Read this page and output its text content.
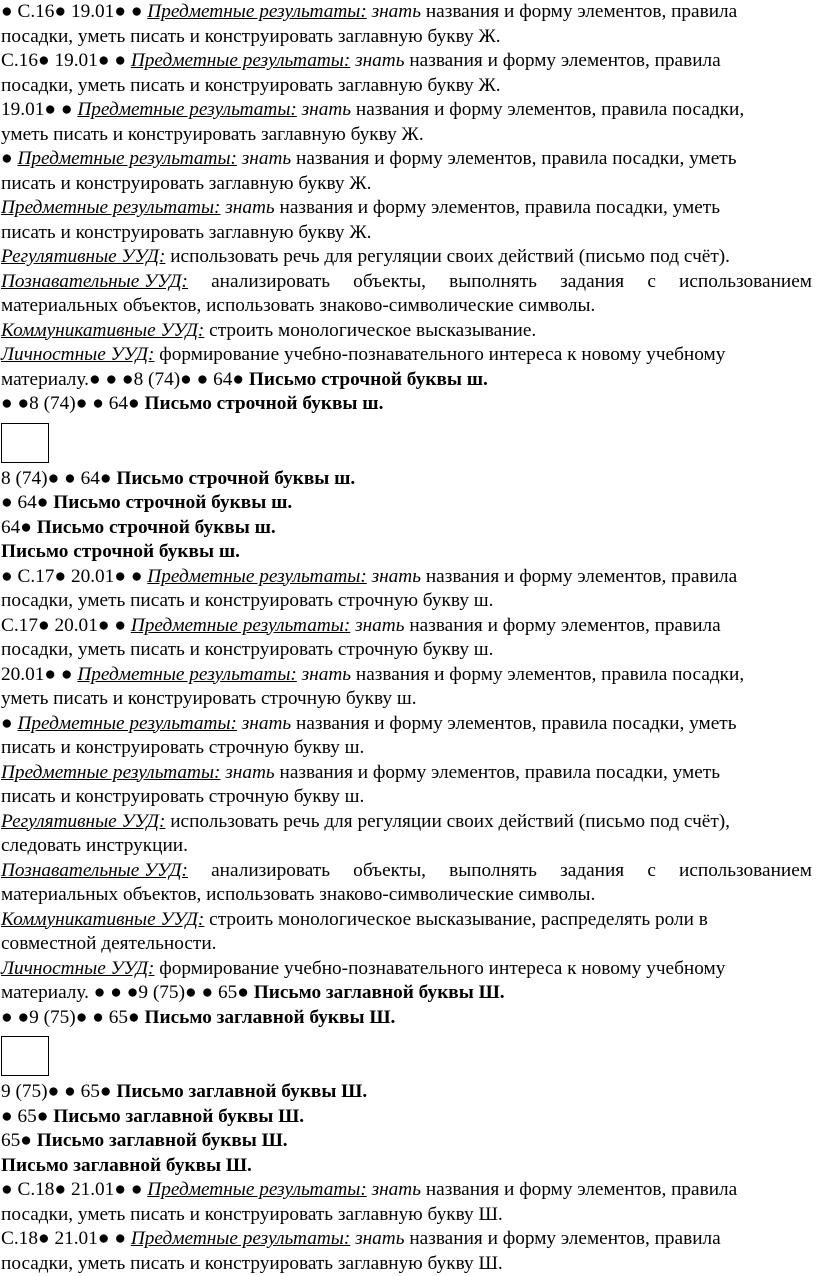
● С.16● 19.01● ● Предметные результаты: знать названия и форму элементов, правила
посадки, уметь писать и конструировать заглавную букву Ж.
С.16● 19.01● ● Предметные результаты: знать названия и форму элементов, правила
посадки, уметь писать и конструировать заглавную букву Ж.
19.01● ● Предметные результаты: знать названия и форму элементов, правила посадки,
уметь писать и конструировать заглавную букву Ж.
● Предметные результаты: знать названия и форму элементов, правила посадки, уметь
писать и конструировать заглавную букву Ж.
Предметные результаты: знать названия и форму элементов, правила посадки, уметь
писать и конструировать заглавную букву Ж.
Регулятивные УУД: использовать речь для регуляции своих действий (письмо под счёт).
Познавательные УУД: анализировать объекты, выполнять задания с использованием
материальных объектов, использовать знаково-символические символы.
Коммуникативные УУД: строить монологическое высказывание.
Личностные УУД: формирование учебно-познавательного интереса к новому учебному
материалу.● ● ●8 (74)● ● 64● Письмо строчной буквы ш.
● ●8 (74)● ● 64● Письмо строчной буквы ш.
8 (74)● ● 64● Письмо строчной буквы ш.
● 64● Письмо строчной буквы ш.
64● Письмо строчной буквы ш.
Письмо строчной буквы ш.
● С.17● 20.01● ● Предметные результаты: знать названия и форму элементов, правила
посадки, уметь писать и конструировать строчную букву ш.
С.17● 20.01● ● Предметные результаты: знать названия и форму элементов, правила
посадки, уметь писать и конструировать строчную букву ш.
20.01● ● Предметные результаты: знать названия и форму элементов, правила посадки,
уметь писать и конструировать строчную букву ш.
● Предметные результаты: знать названия и форму элементов, правила посадки, уметь
писать и конструировать строчную букву ш.
Предметные результаты: знать названия и форму элементов, правила посадки, уметь
писать и конструировать строчную букву ш.
Регулятивные УУД: использовать речь для регуляции своих действий (письмо под счёт),
следовать инструкции.
Познавательные УУД: анализировать объекты, выполнять задания с использованием
материальных объектов, использовать знаково-символические символы.
Коммуникативные УУД: строить монологическое высказывание, распределять роли в
совместной деятельности.
Личностные УУД: формирование учебно-познавательного интереса к новому учебному
материалу. ● ● ●9 (75)● ● 65● Письмо заглавной буквы Ш.
● ●9 (75)● ● 65● Письмо заглавной буквы Ш.
9 (75)● ● 65● Письмо заглавной буквы Ш.
● 65● Письмо заглавной буквы Ш.
65● Письмо заглавной буквы Ш.
Письмо заглавной буквы Ш.
● С.18● 21.01● ● Предметные результаты: знать названия и форму элементов, правила
посадки, уметь писать и конструировать заглавную букву Ш.
С.18● 21.01● ● Предметные результаты: знать названия и форму элементов, правила
посадки, уметь писать и конструировать заглавную букву Ш.
